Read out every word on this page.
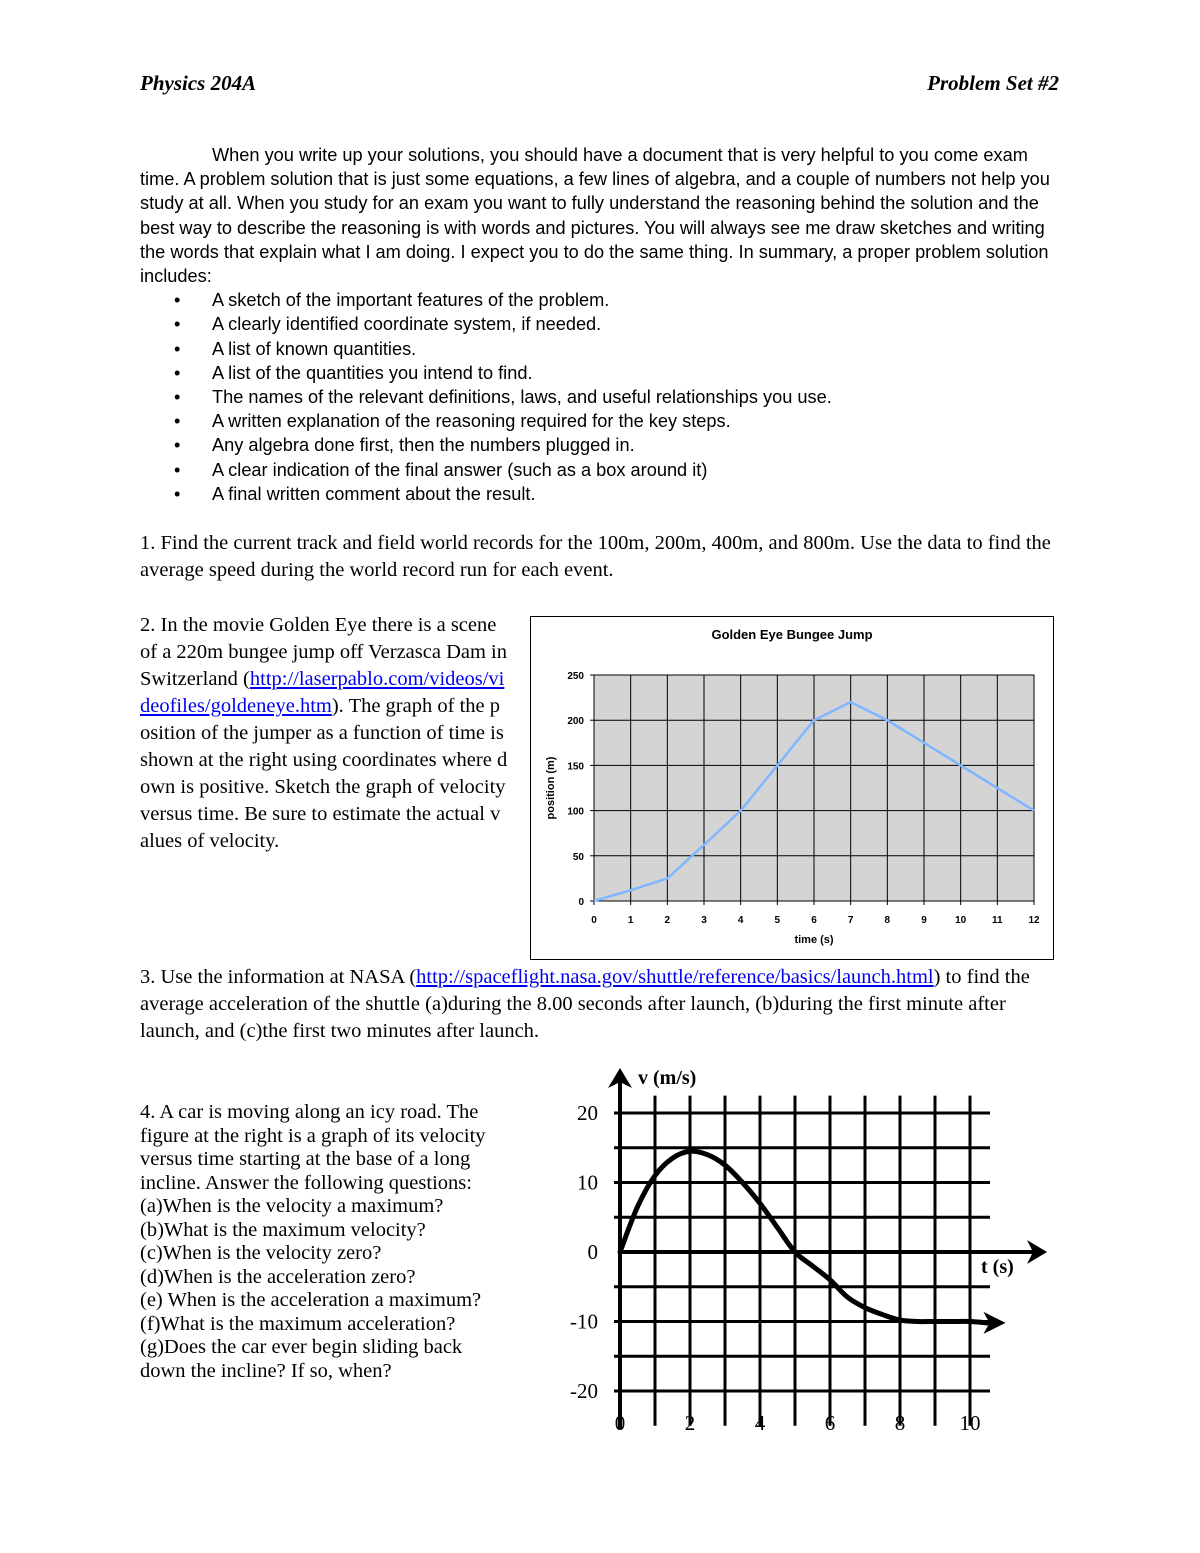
Physics 204A	Problem Set #2

When you write up your solutions, you should have a document that is very helpful to you come exam time. A problem solution that is just some equations, a few lines of algebra, and a couple of numbers not help you study at all. When you study for an exam you want to fully understand the reasoning behind the solution and the best way to describe the reasoning is with words and pictures. You will always see me draw sketches and writing the words that explain what I am doing. I expect you to do the same thing. In summary, a proper problem solution includes:

• A sketch of the important features of the problem.
• A clearly identified coordinate system, if needed.
• A list of known quantities.
• A list of the quantities you intend to find.
• The names of the relevant definitions, laws, and useful relationships you use.
• A written explanation of the reasoning required for the key steps.
• Any algebra done first, then the numbers plugged in.
• A clear indication of the final answer (such as a box around it)
• A final written comment about the result.
1. Find the current track and field world records for the 100m, 200m, 400m, and 800m. Use the data to find the average speed during the world record run for each event.
2. In the movie Golden Eye there is a scene of a 220m bungee jump off Verzasca Dam in Switzerland (http://laserpablo.com/videos/videofiles/goldeneye.htm). The graph of the position of the jumper as a function of time is shown at the right using coordinates where down is positive. Sketch the graph of velocity versus time. Be sure to estimate the actual values of velocity.
Golden Eye Bungee Jump
0	1	2	3	4	5	6	7	8	9	10	11	12
0
50
100
150
200
250
time (s)
position (m)
3. Use the information at NASA (http://spaceflight.nasa.gov/shuttle/reference/basics/launch.html) to find the average acceleration of the shuttle (a)during the 8.00 seconds after launch, (b)during the first minute after launch, and (c)the first two minutes after launch.
4. A car is moving along an icy road. The
figure at the right is a graph of its velocity
versus time starting at the base of a long
incline. Answer the following questions:
(a)When is the velocity a maximum?
(b)What is the maximum velocity?
(c)When is the velocity zero?
(d)When is the acceleration zero?
(e) When is the acceleration a maximum?
(f)What is the maximum acceleration?
(g)Does the car ever begin sliding back
down the incline? If so, when?
-20
-10
0
10
20
0	2	4	6	8	10
v (m/s)
t (s)
